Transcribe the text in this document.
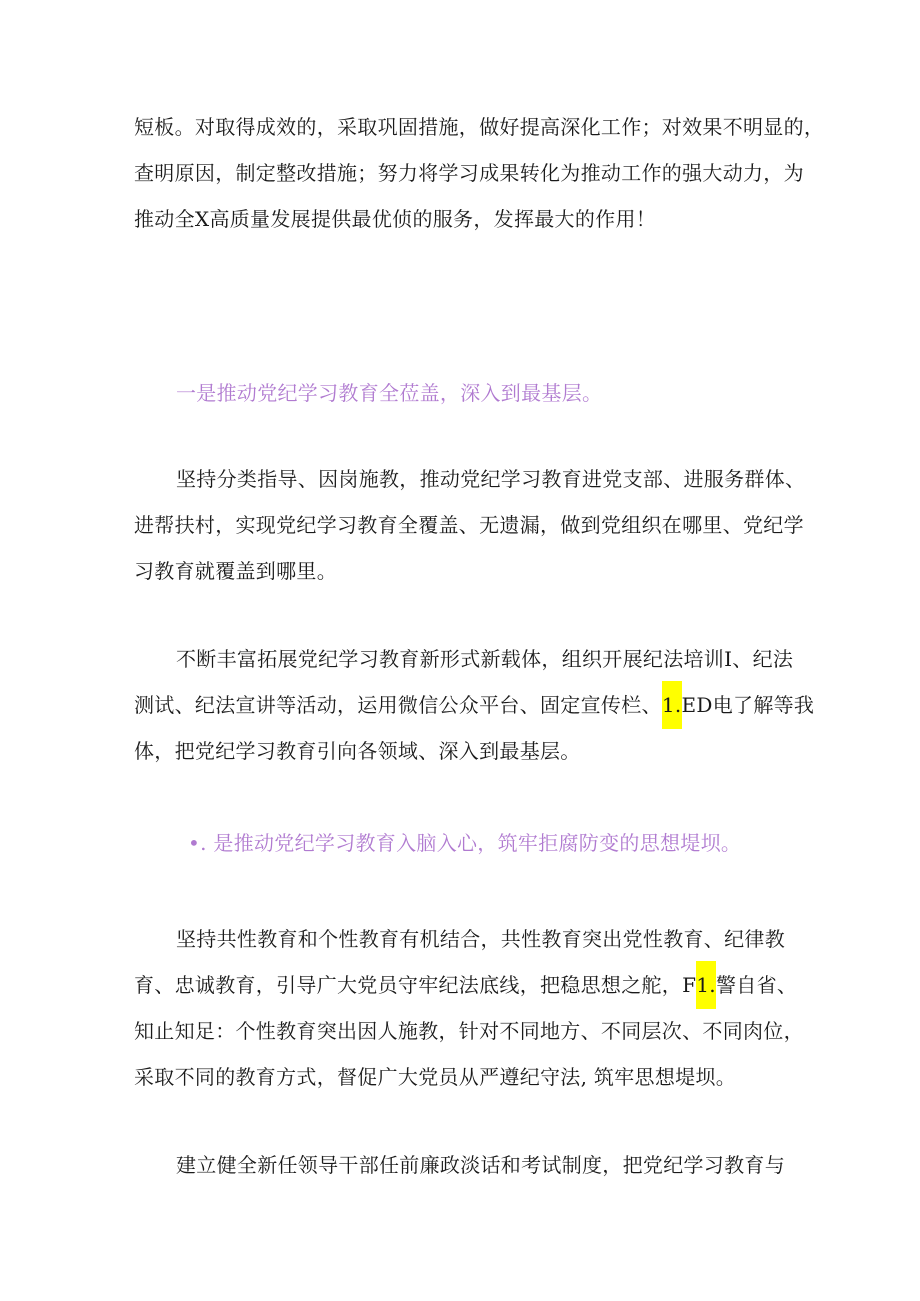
短板。对取得成效的，采取巩固措施，做好提高深化工作；对效果不明显的，
查明原因，制定整改措施；努力将学习成果转化为推动工作的强大动力，为
推动全X高质量发展提供最优侦的服务，发挥最大的作用！

一是推动党纪学习教育全莅盖，深入到最基层。

坚持分类指导、因岗施教，推动党纪学习教育进党支部、进服务群体、
进帮扶村，实现党纪学习教育全覆盖、无遗漏，做到党组织在哪里、党纪学
习教育就覆盖到哪里。

不断丰富拓展党纪学习教育新形式新载体，组织开展纪法培训I、纪法
测试、纪法宣讲等活动，运用微信公众平台、固定宣传栏、1.ED电了解等我
体，把党纪学习教育引向各领域、深入到最基层。

•. 是推动党纪学习教育入脑入心，筑牢拒腐防变的思想堤坝。

坚持共性教育和个性教育有机结合，共性教育突出党性教育、纪律教
育、忠诚教育，引导广大党员守牢纪法底线，把稳思想之舵，F1.警自省、
知止知足：个性教育突出因人施教，针对不同地方、不同层次、不同肉位，
采取不同的教育方式，督促广大党员从严遵纪守法, 筑牢思想堤坝。

建立健全新任领导干部任前廉政淡话和考试制度，把党纪学习教育与
